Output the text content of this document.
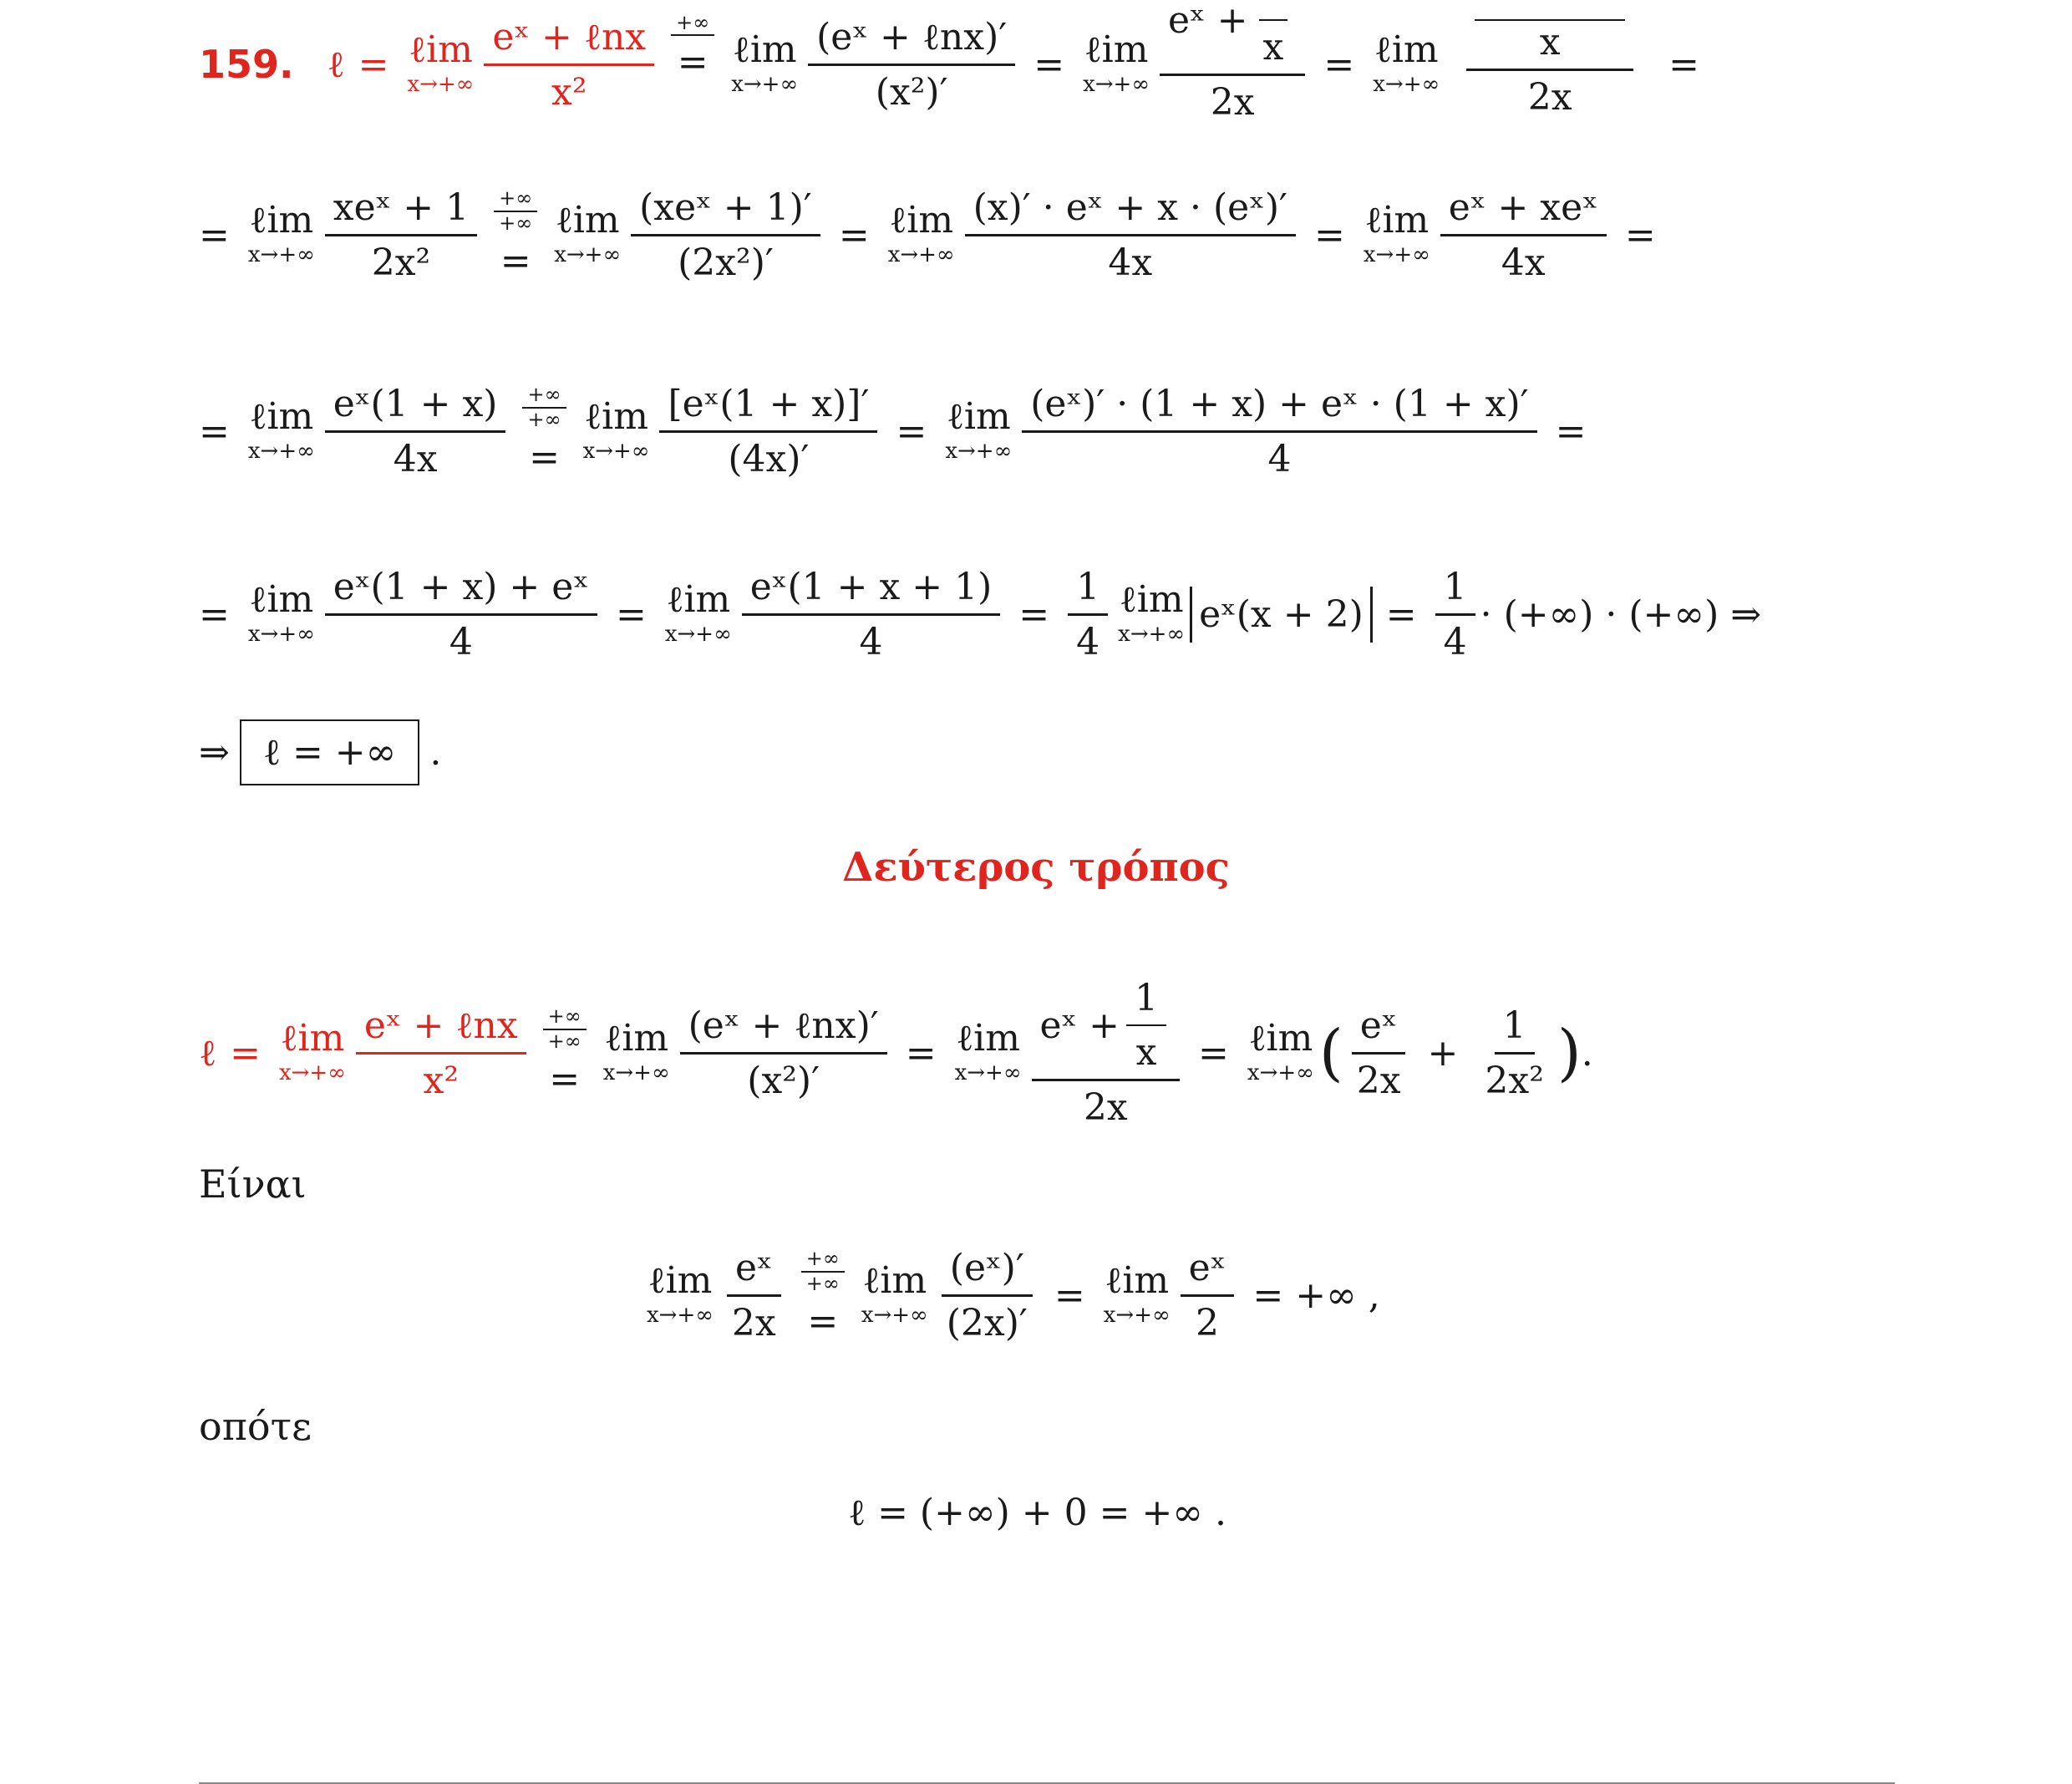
159. ℓ = ℓim
$x\to+\infty \frac{\text{eˣ + ℓnx}}{\text{x²}}$ +∞
= ℓim
$x\to+\infty \frac{\text{(eˣ + ℓnx)′}}{\text{(x²)′}}$ = ℓim
x→+∞ eˣ +

x
2x = ℓim
x→+∞
$\frac{x}{2x}$ =
= ℓim
$x\to+\infty \frac{\text{xeˣ + 1}}{\text{2x²}}$ +∞
+∞
=
ℓim
$x\to+\infty \frac{\text{(xeˣ + 1)′}}{\text{(2x²)′}}$ = ℓim
$x\to+\infty \frac{\text{(x)′ · eˣ + x · (eˣ)′}}{4x}$ = ℓim
$x\to+\infty \frac{\text{eˣ + xeˣ}}{4x}$ =
= ℓim
$x\to+\infty \frac{\text{eˣ(1 + x)}}{4x}$ +∞
+∞
=
ℓim
$x\to+\infty \frac{\text{[eˣ(1 + x)]′}}{(4x)'}$ = ℓim
$x\to+\infty \frac{\text{(eˣ)′ · (1 + x) + eˣ · (1 + x)′}}{4}$ =
= ℓim
$x\to+\infty \frac{\text{eˣ(1 + x) + eˣ}}{4}$ = ℓim
$x\to+\infty \frac{\text{eˣ(1 + x + 1)}}{4} = \frac{1}{4}$ ℓim
x→+∞ eˣ(x + $2) = \frac{1}{4}$ · (+∞) · (+∞) ⇒
⇒ ℓ = +∞ .
Δεύτερος τρόπος
ℓ = ℓim
$x\to+\infty \frac{\text{eˣ + ℓnx}}{\text{x²}}$ +∞
+∞
=
ℓim
$x\to+\infty \frac{\text{(eˣ + ℓnx)′}}{\text{(x²)′}}$ = ℓim
$x\to+\infty \frac{eˣ + \frac{1}{x}}{2x}$ = ℓim
x→+∞ ( $\frac{\text{eˣ}}{2x} + \frac{1}{\text{2x²}}$ ) .
Είναι
ℓim
$x\to+\infty \frac{\text{eˣ}}{2x}$ +∞
+∞
=
ℓim
$x\to+\infty \frac{\text{(eˣ)′}}{(2x)'}$ = ℓim
$x\to+\infty \frac{\text{eˣ}}{2}$ = +∞ ,
οπότε
ℓ = (+∞) + 0 = +∞ .
